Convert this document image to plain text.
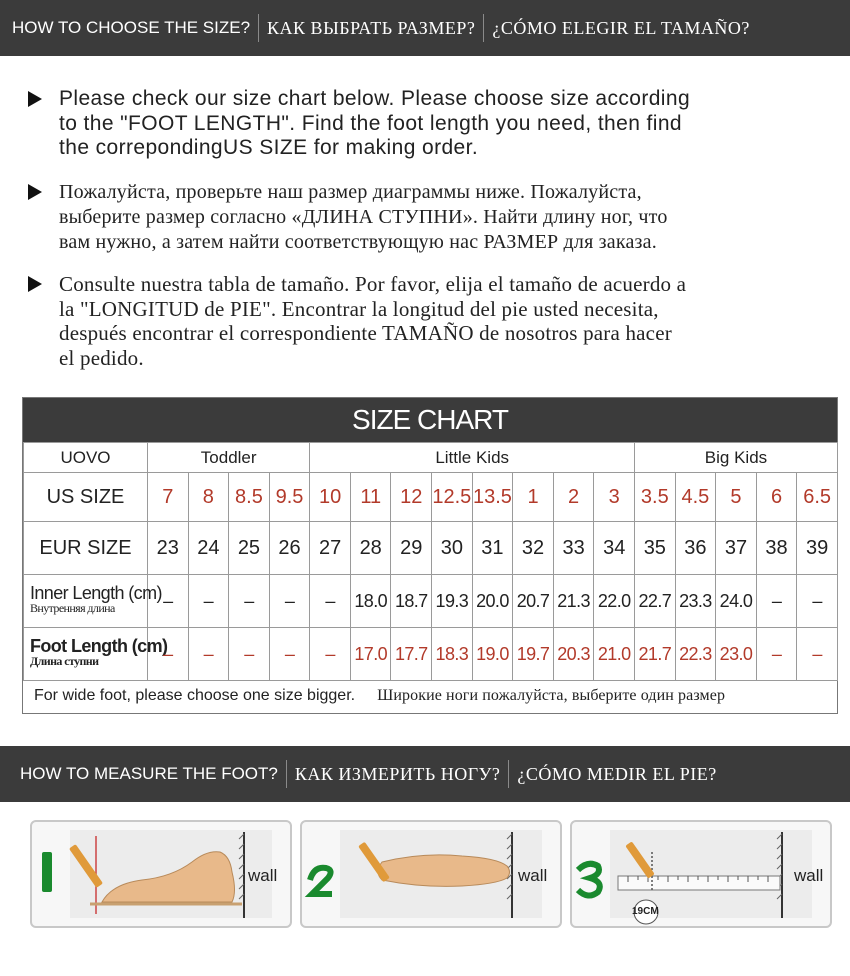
HOW TO CHOOSE THE SIZE? КАК ВЫБРАТЬ РАЗМЕР? ¿CÓMO ELEGIR EL TAMAÑO?
Please check our size chart below. Please choose size according
to the "FOOT LENGTH". Find the foot length you need, then find
the correpondingUS SIZE for making order.
Пожалуйста, проверьте наш размер диаграммы ниже. Пожалуйста,
выберите размер согласно «ДЛИНА СТУПНИ». Найти длину ног, что
вам нужно, а затем найти соответствующую нас РАЗМЕР для заказа.
Consulte nuestra tabla de tamaño. Por favor, elija el tamaño de acuerdo a
la "LONGITUD de PIE". Encontrar la longitud del pie usted necesita,
después encontrar el correspondiente TAMAÑO de nosotros para hacer
el pedido.
SIZE CHART
UOVO	Toddler				Little Kids								Big Kids				
US SIZE	7	8	8.5	9.5	10	11	12	12.5	13.5	1	2	3	3.5	4.5	5	6	6.5
EUR SIZE	23	24	25	26	27	28	29	30	31	32	33	34	35	36	37	38	39

Inner Length (cm)
Внутренняя длина	–	–	–	–	–	18.0	18.7	19.3	20.0	20.7	21.3	22.0	22.7	23.3	24.0	–	–

Foot Length (cm)
Длина ступни	–	–	–	–	–	17.0	17.7	18.3	19.0	19.7	20.3	21.0	21.7	22.3	23.0	–	–
For wide foot, please choose one size bigger. Широкие ноги пожалуйста, выберите один размер
HOW TO MEASURE THE FOOT? КАК ИЗМЕРИТЬ НОГУ? ¿CÓMO MEDIR EL PIE?
wall	wall
19CM
wall
